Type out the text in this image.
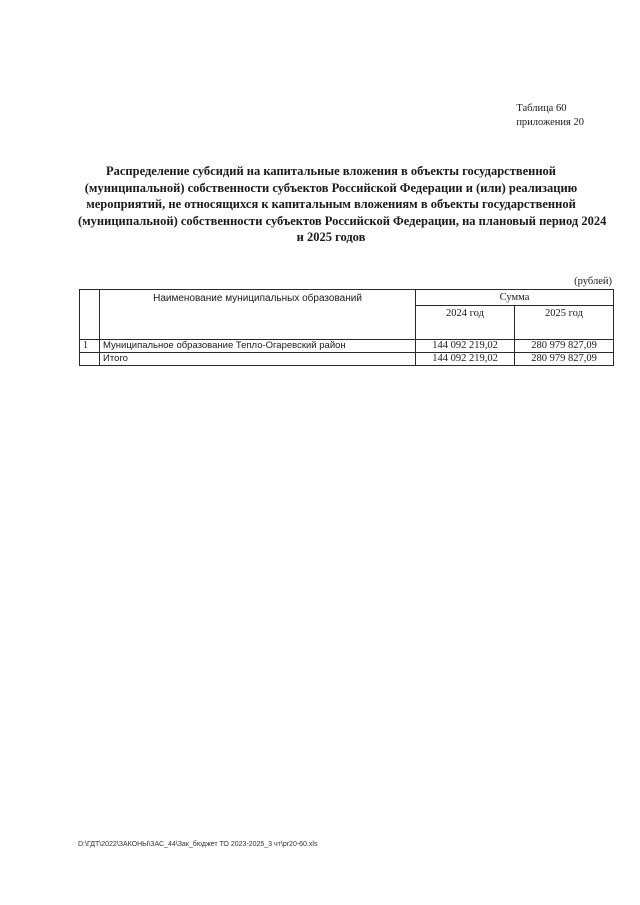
Таблица 60
приложения 20
Распределение субсидий на капитальные вложения в объекты государственной
(муниципальной) собственности субъектов Российской Федерации и (или) реализацию
мероприятий, не относящихся к капитальным вложениям в объекты государственной
(муниципальной) собственности субъектов Российской Федерации, на плановый период 2024
и 2025 годов
(рублей)
	Наименование муниципальных образований	Сумма	
		2024 год	2025 год
1	Муниципальное образование Тепло-Огаревский район	144 092 219,02	280 979 827,09
	Итого	144 092 219,02	280 979 827,09
D:\ГДТ\2022\ЗАКОНЫ\ЗАС_44\Зак_бюджет ТО 2023-2025_3 чт\pr20-60.xls
